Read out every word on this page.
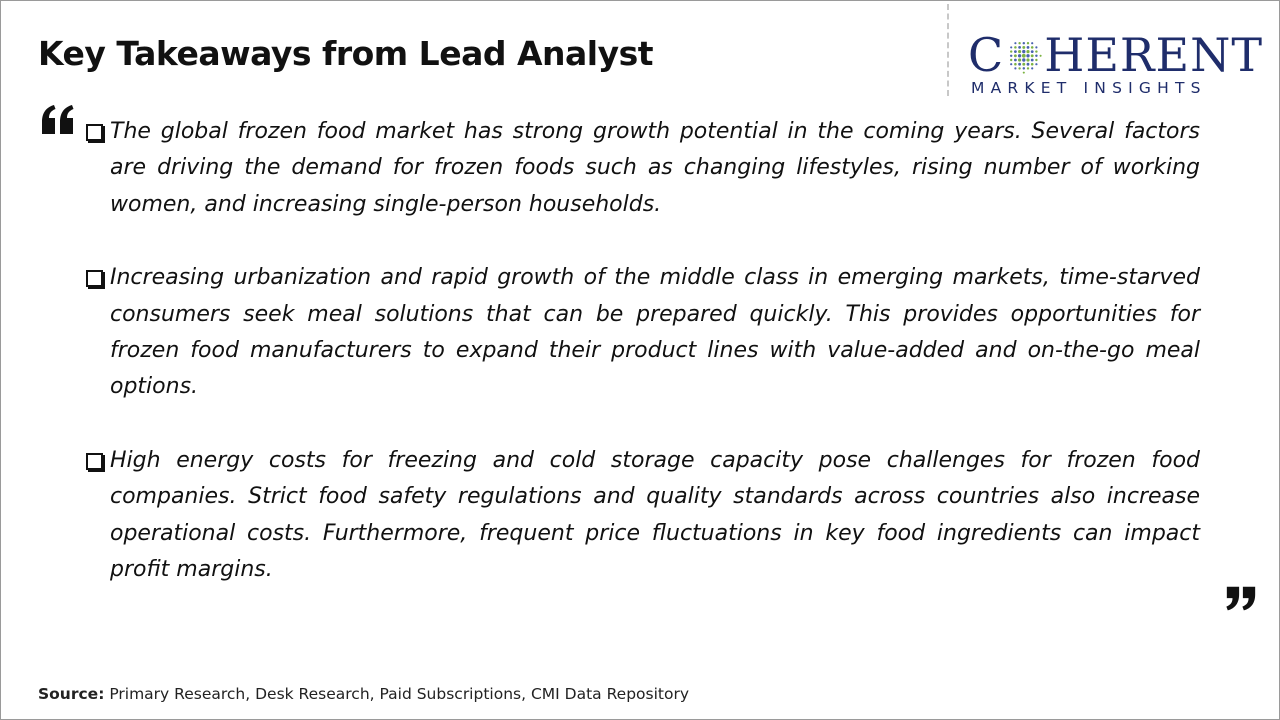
Key Takeaways from Lead Analyst	C HERENT
MARKET INSIGHTS
The global frozen food market has strong growth potential in the coming years. Several factors are driving the demand for frozen foods such as changing lifestyles, rising number of working women, and increasing single-person households.
Increasing urbanization and rapid growth of the middle class in emerging markets, time-starved consumers seek meal solutions that can be prepared quickly. This provides opportunities for frozen food manufacturers to expand their product lines with value-added and on-the-go meal options.
High energy costs for freezing and cold storage capacity pose challenges for frozen food companies. Strict food safety regulations and quality standards across countries also increase operational costs. Furthermore, frequent price fluctuations in key food ingredients can impact profit margins.
Source: Primary Research, Desk Research, Paid Subscriptions, CMI Data Repository
